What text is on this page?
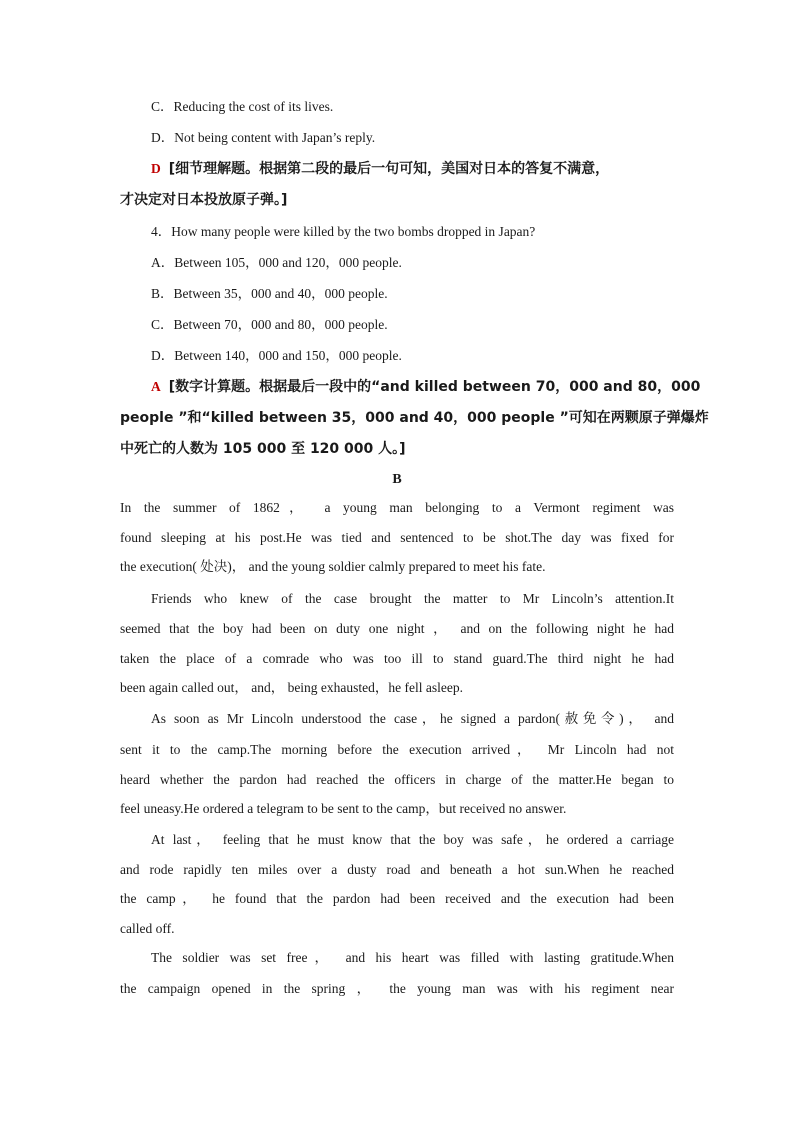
C．Reducing the cost of its lives.
D．Not being content with Japan’s reply.
D [细节理解题。根据第二段的最后一句可知，美国对日本的答复不满意，
才决定对日本投放原子弹。]
4．How many people were killed by the two bombs dropped in Japan?
A．Between 105，000 and 120，000 people.
B．Between 35，000 and 40，000 people.
C．Between 70，000 and 80，000 people.
D．Between 140，000 and 150，000 people.
A [数字计算题。根据最后一段中的“and killed between 70，000 and 80，000
people ”和“killed between 35，000 and 40，000 people ”可知在两颗原子弹爆炸
中死亡的人数为 105 000 至 120 000 人。]
B
In the summer of 1862， a young man belonging to a Vermont regiment was
found sleeping at his post.He was tied and sentenced to be shot.The day was fixed for
the execution( 处决)， and the young soldier calmly prepared to meet his fate.
Friends who knew of the case brought the matter to Mr Lincoln’s attention.It
seemed that the boy had been on duty one night ， and on the following night he had
taken the place of a comrade who was too ill to stand guard.The third night he had
been again called out， and， being exhausted，he fell asleep.
As soon as Mr Lincoln understood the case，he signed a pardon(赦免令)， and
sent it to the camp.The morning before the execution arrived， Mr Lincoln had not
heard whether the pardon had reached the officers in charge of the matter.He began to
feel uneasy.He ordered a telegram to be sent to the camp，but received no answer.
At last， feeling that he must know that the boy was safe，he ordered a carriage
and rode rapidly ten miles over a dusty road and beneath a hot sun.When he reached
the camp， he found that the pardon had been received and the execution had been
called off.
The soldier was set free， and his heart was filled with lasting gratitude.When
the campaign opened in the spring ， the young man was with his regiment near
